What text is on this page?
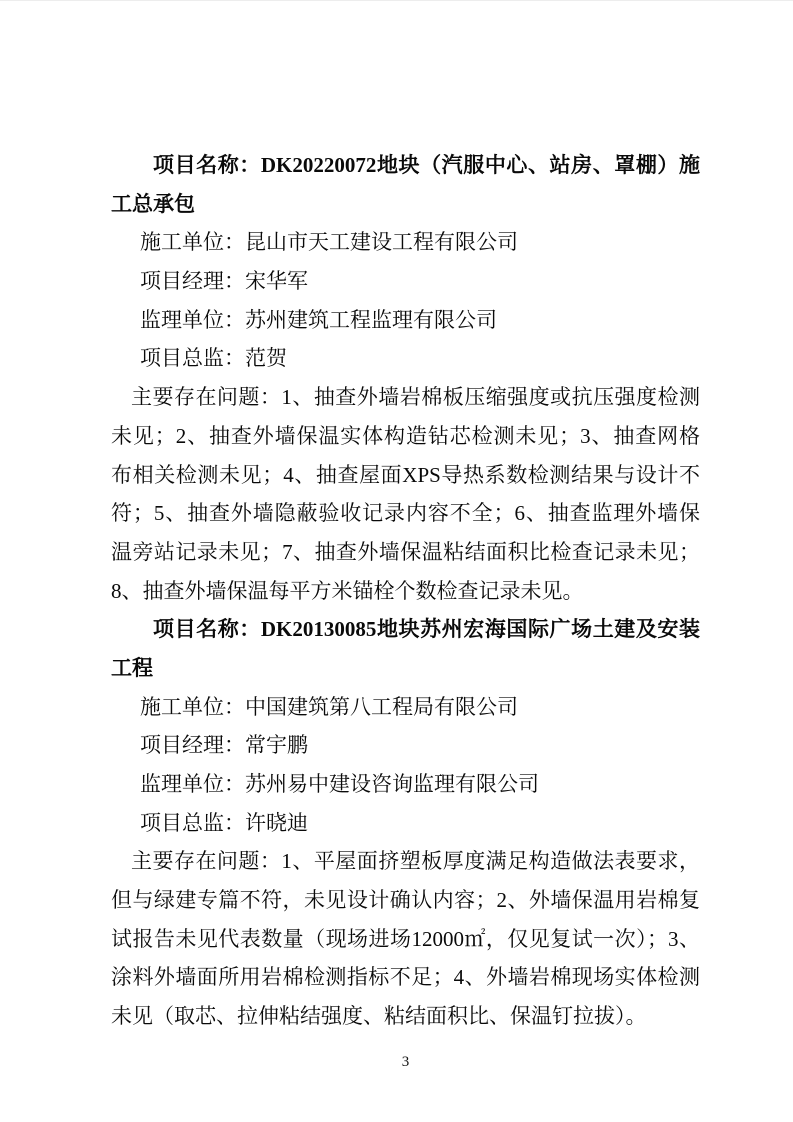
项目名称：DK20220072地块（汽服中心、站房、罩棚）施
工总承包
施工单位：昆山市天工建设工程有限公司
项目经理：宋华军
监理单位：苏州建筑工程监理有限公司
项目总监：范贺
主要存在问题：1、抽查外墙岩棉板压缩强度或抗压强度检测
未见；2、抽查外墙保温实体构造钻芯检测未见；3、抽查网格
布相关检测未见；4、抽查屋面XPS导热系数检测结果与设计不
符；5、抽查外墙隐蔽验收记录内容不全；6、抽查监理外墙保
温旁站记录未见；7、抽查外墙保温粘结面积比检查记录未见；
8、抽查外墙保温每平方米锚栓个数检查记录未见。
项目名称：DK20130085地块苏州宏海国际广场土建及安装
工程
施工单位：中国建筑第八工程局有限公司
项目经理：常宇鹏
监理单位：苏州易中建设咨询监理有限公司
项目总监：许晓迪
主要存在问题：1、平屋面挤塑板厚度满足构造做法表要求，
但与绿建专篇不符，未见设计确认内容；2、外墙保温用岩棉复
试报告未见代表数量（现场进场12000㎡，仅见复试一次）；3、
涂料外墙面所用岩棉检测指标不足；4、外墙岩棉现场实体检测
未见（取芯、拉伸粘结强度、粘结面积比、保温钉拉拔）。
3
